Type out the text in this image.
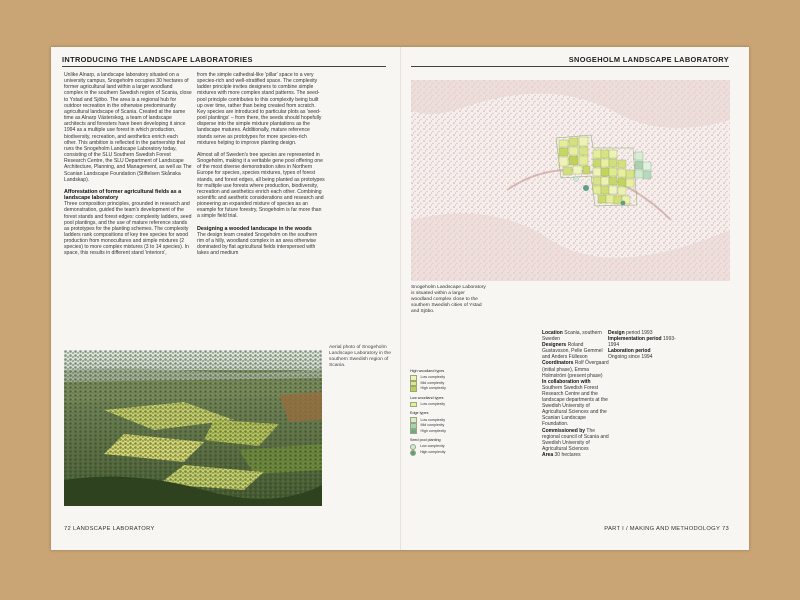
INTRODUCING THE LANDSCAPE LABORATORIES	SNOGEHOLM LANDSCAPE LABORATORY

Unlike Alnarp, a landscape laboratory situated on a university campus, Snogeholm occupies 30 hectares of former agricultural land within a larger woodland complex in the southern Swedish region of Scania, close to Ystad and Sjöbo. The area is a regional hub for outdoor recreation in the otherwise predominantly agricultural landscape of Scania. Created at the same time as Alnarp Västerskog, a team of landscape architects and foresters have been developing it since 1994 as a multiple use forest in which production, biodiversity, recreation, and aesthetics enrich each other. This ambition is reflected in the partnership that runs the Snogeholm Landscape Laboratory today, consisting of the SLU Southern Swedish Forest Research Centre, the SLU Department of Landscape Architecture, Planning, and Management, as well as The Scanian Landscape Foundation (Stiftelsen Skånska Landskap).

Afforestation of former agricultural fields as a landscape laboratory

Three composition principles, grounded in research and demonstration, guided the team's development of the forest stands and forest edges: complexity ladders, seed pool plantings, and the use of mature reference stands as prototypes for the planting schemes. The complexity ladders rank compositions of key tree species for wood production from monocultures and simple mixtures (2 species) to more complex mixtures (3 to 14 species). In space, this results in different stand 'interiors',

from the simple cathedral-like 'pillar' space to a very species-rich and well-stratified space. The complexity ladder principle invites designers to combine simple mixtures with more complex stand patterns. The seed-pool principle contributes to this complexity being built up over time, rather than being created from scratch. Key species are introduced to particular plots as 'seed-pool plantings' – from there, the seeds should hopefully disperse into the simple mixture plantations as the landscape matures. Additionally, mature reference stands serve as prototypes for more species-rich mixtures helping to improve planting design.

Almost all of Sweden's tree species are represented in Snogeholm, making it a veritable gene pool offering one of the most diverse demonstration sites in Northern Europe for species, species mixtures, types of forest stands, and forest edges, all being planted as prototypes for multiple use forests where production, biodiversity, recreation and aesthetics enrich each other. Combining scientific and aesthetic considerations and research and pioneering an expanded mixture of species as an example for future forestry, Snogeholm is far more than a simple field trial.

Designing a wooded landscape in the woods

The design team created Snogeholm on the southern rim of a hilly, woodland complex in an area otherwise dominated by flat agricultural fields interspersed with lakes and medium

Aerial photo of Snogeholm Landscape Laboratory in the southern Swedish region of Scania.
Snogeholm Landscape Laboratory is situated within a larger woodland complex close to the southern Swedish cities of Ystad and Sjöbo.
High woodland types
Low complexity
Mid complexity
High complexity
Low woodland types
Low complexity
Edge types
Low complexity
Mid complexity
High complexity
Seed pool planting
Low complexity
High complexity
Location Scania, southern Sweden
Designers Roland Gustavsson, Pelle Gemmel and Anders Fülleson
Coordinators Rolf Övergaard (initial phase), Emma Holmström (present phase)
In collaboration with Southern Swedish Forest Research Centre and the landscape departments at the Swedish University of Agricultural Sciences and the Scanian Landscape Foundation.
Commissioned by The regional council of Scania and Swedish University of Agricultural Sciences
Area 30 hectares
Design period 1993
Implementation period 1993-1994
Laboration period
Ongoing since 1994
72 LANDSCAPE LABORATORY	PART I / MAKING AND METHODOLOGY 73
